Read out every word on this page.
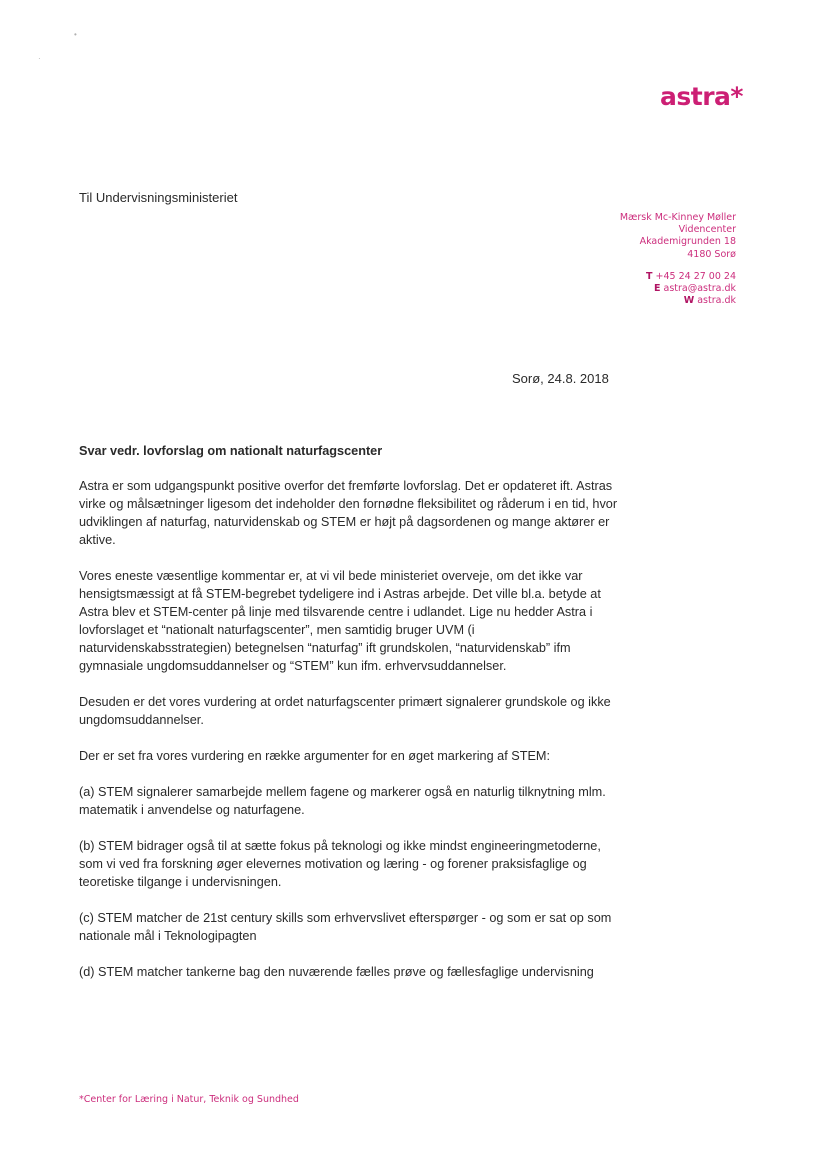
•
·
astra*
Til Undervisningsministeriet
Mærsk Mc-Kinney Møller
Videncenter
Akademigrunden 18
4180 Sorø
T +45 24 27 00 24
E astra@astra.dk
W astra.dk
Sorø, 24.8. 2018
Svar vedr. lovforslag om nationalt naturfagscenter

Astra er som udgangspunkt positive overfor det fremførte lovforslag. Det er opdateret ift. Astras virke og målsætninger ligesom det indeholder den fornødne fleksibilitet og råderum i en tid, hvor udviklingen af naturfag, naturvidenskab og STEM er højt på dagsordenen og mange aktører er aktive.

Vores eneste væsentlige kommentar er, at vi vil bede ministeriet overveje, om det ikke var hensigtsmæssigt at få STEM-begrebet tydeligere ind i Astras arbejde. Det ville bl.a. betyde at Astra blev et STEM-center på linje med tilsvarende centre i udlandet. Lige nu hedder Astra i lovforslaget et “nationalt naturfagscenter”, men samtidig bruger UVM (i naturvidenskabsstrategien) betegnelsen “naturfag” ift grundskolen, “naturvidenskab” ifm gymnasiale ungdomsuddannelser og “STEM” kun ifm. erhvervsuddannelser.

Desuden er det vores vurdering at ordet naturfagscenter primært signalerer grundskole og ikke ungdomsuddannelser.

Der er set fra vores vurdering en række argumenter for en øget markering af STEM:

(a) STEM signalerer samarbejde mellem fagene og markerer også en naturlig tilknytning mlm. matematik i anvendelse og naturfagene.

(b) STEM bidrager også til at sætte fokus på teknologi og ikke mindst engineeringmetoderne, som vi ved fra forskning øger elevernes motivation og læring - og forener praksisfaglige og teoretiske tilgange i undervisningen.

(c) STEM matcher de 21st century skills som erhvervslivet efterspørger - og som er sat op som nationale mål i Teknologipagten

(d) STEM matcher tankerne bag den nuværende fælles prøve og fællesfaglige undervisning

*Center for Læring i Natur, Teknik og Sundhed
